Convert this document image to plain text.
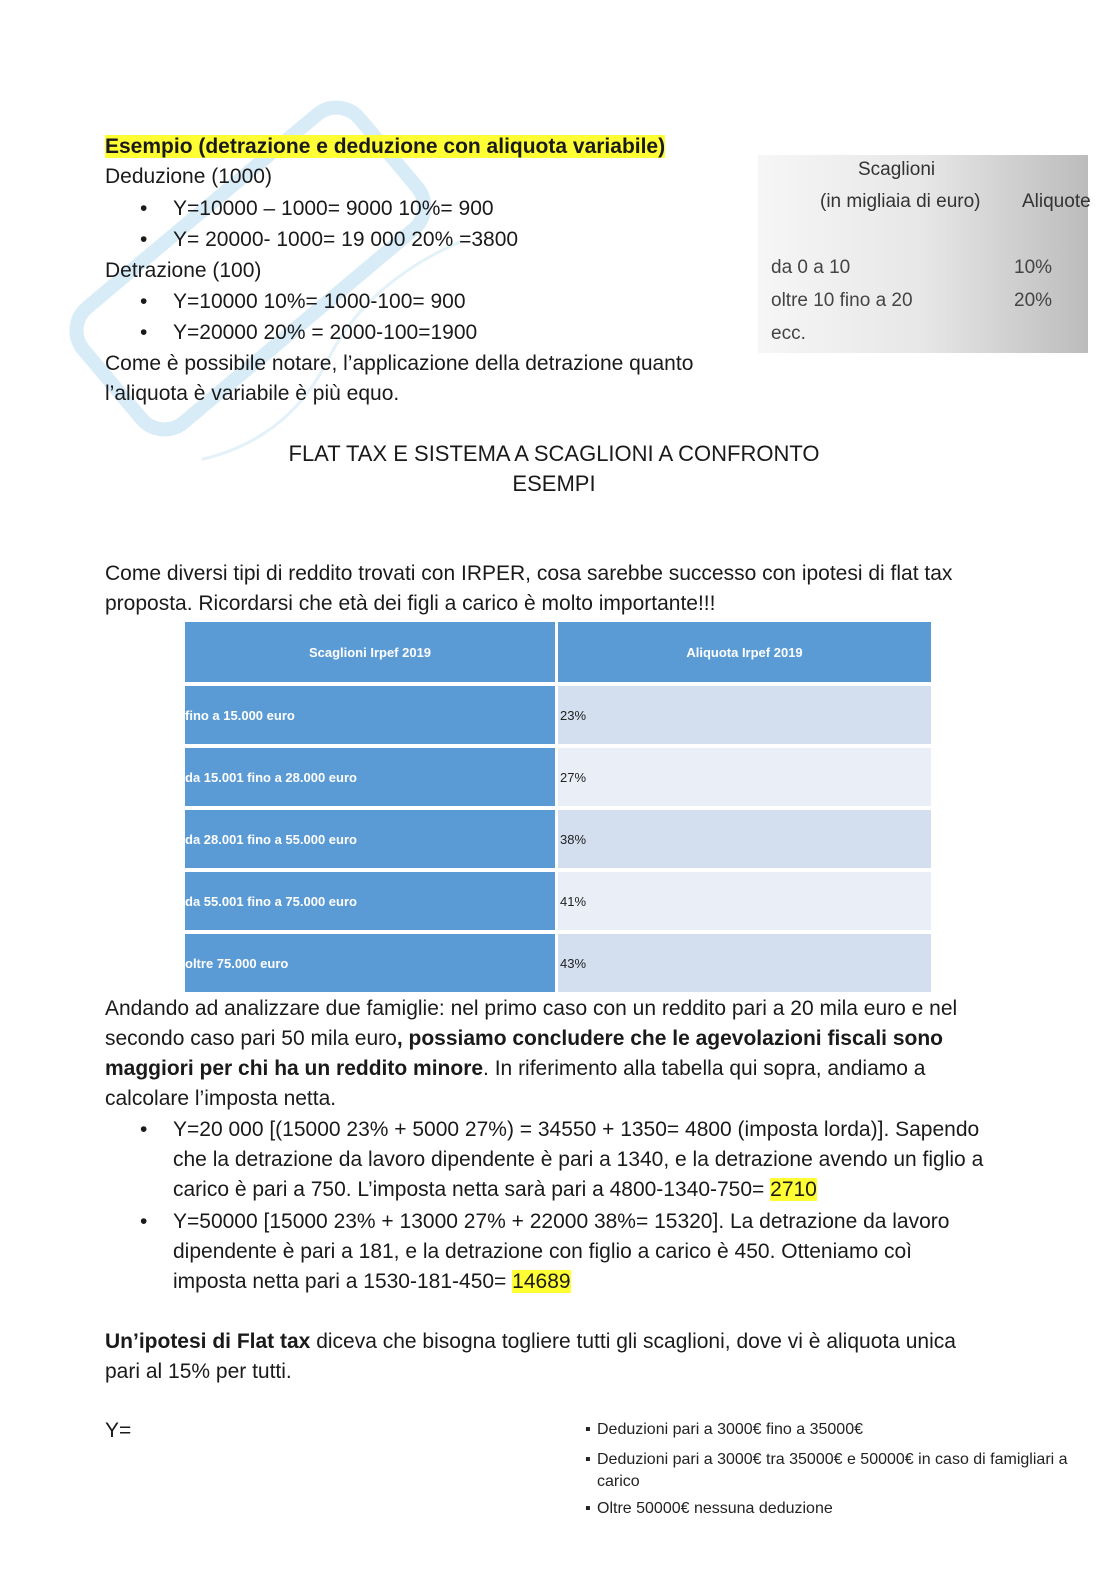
Esempio (detrazione e deduzione con aliquota variabile)
Deduzione (1000)
• Y=10000 – 1000= 9000 10%= 900
• Y= 20000- 1000= 19 000 20% =3800
Detrazione (100)
• Y=10000 10%= 1000-100= 900
• Y=20000 20% = 2000-100=1900
Come è possibile notare, l’applicazione della detrazione quanto
l’aliquota è variabile è più equo.
Scaglioni
(in migliaia di euro) Aliquote
da 0 a 10	10%
oltre 10 fino a 20	20%
ecc.
FLAT TAX E SISTEMA A SCAGLIONI A CONFRONTO
ESEMPI
Come diversi tipi di reddito trovati con IRPER, cosa sarebbe successo con ipotesi di flat tax
proposta. Ricordarsi che età dei figli a carico è molto importante!!!
Scaglioni Irpef 2019	Aliquota Irpef 2019
fino a 15.000 euro	23%
da 15.001 fino a 28.000 euro	27%
da 28.001 fino a 55.000 euro	38%
da 55.001 fino a 75.000 euro	41%
oltre 75.000 euro	43%
Andando ad analizzare due famiglie: nel primo caso con un reddito pari a 20 mila euro e nel
secondo caso pari 50 mila euro, possiamo concludere che le agevolazioni fiscali sono
maggiori per chi ha un reddito minore. In riferimento alla tabella qui sopra, andiamo a
calcolare l’imposta netta.
• Y=20 000 [(15000 23% + 5000 27%) = 34550 + 1350= 4800 (imposta lorda)]. Sapendo
che la detrazione da lavoro dipendente è pari a 1340, e la detrazione avendo un figlio a
carico è pari a 750. L’imposta netta sarà pari a 4800-1340-750= 2710
• Y=50000 [15000 23% + 13000 27% + 22000 38%= 15320]. La detrazione da lavoro
dipendente è pari a 181, e la detrazione con figlio a carico è 450. Otteniamo coì
imposta netta pari a 1530-181-450= 14689
Un’ipotesi di Flat tax diceva che bisogna togliere tutti gli scaglioni, dove vi è aliquota unica
pari al 15% per tutti.
Y=	▪ Deduzioni pari a 3000€ fino a 35000€
▪ Deduzioni pari a 3000€ tra 35000€ e 50000€ in caso di famigliari a carico
▪ Oltre 50000€ nessuna deduzione
